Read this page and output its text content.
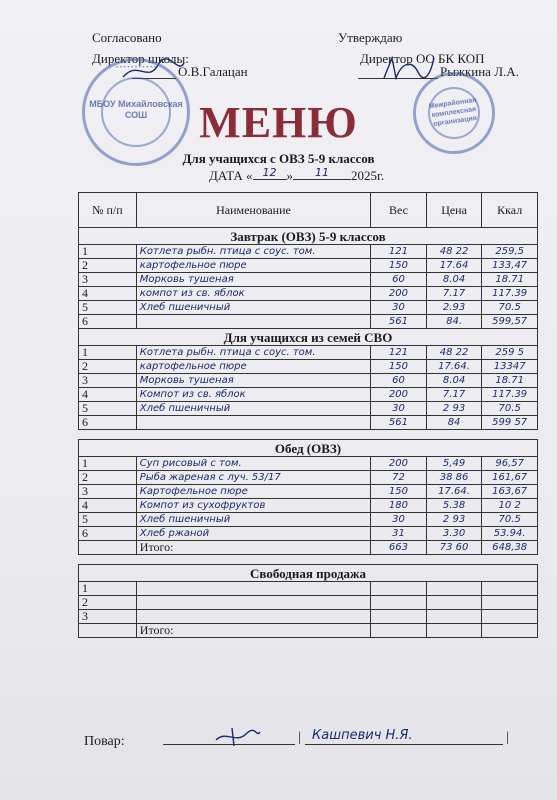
Согласовано
Директор школы:
О.В.Галацан
Утверждаю
Директор ОО БК КОП
Рыжкина Л.А.
• • • • • • • • • • •
МБОУ Михайловская СОШ
Межрайонная комплексная организация
МЕНЮ
Для учащихся с ОВЗ 5-9 классов
ДАТА « 12 » 11 2025г.
№ п/п	Наименование	Вес	Цена	Ккал
Завтрак (ОВЗ) 5-9 классов				
1	Котлета рыбн. птица с соус. том.	121	48 22	259,5
2	картофельное пюре	150	17.64	133,47
3	Морковь тушеная	60	8.04	18.71
4	компот из св. яблок	200	7.17	117.39
5	Хлеб пшеничный	30	2.93	70.5
6		561	84.	599,57
Для учащихся из семей СВО				
1	Котлета рыбн. птица с соус. том.	121	48 22	259 5
2	картофельное пюре	150	17.64.	13347
3	Морковь тушеная	60	8.04	18.71
4	Компот из св. яблок	200	7.17	117.39
5	Хлеб пшеничный	30	2 93	70.5
6		561	84	599 57

Обед (ОВЗ)				
1	Суп рисовый с том.	200	5,49	96,57
2	Рыба жареная с луч. 53/17	72	38 86	161,67
3	Картофельное пюре	150	17.64.	163,67
4	Компот из сухофруктов	180	5.38	10 2
5	Хлеб пшеничный	30	2 93	70.5
6	Хлеб ржаной	31	3.30	53.94.
	Итого:	663	73 60	648,38

Свободная продажа				
1				
2				
3				
	Итого:			
Повар:	| Кашпевич Н.Я.	|
